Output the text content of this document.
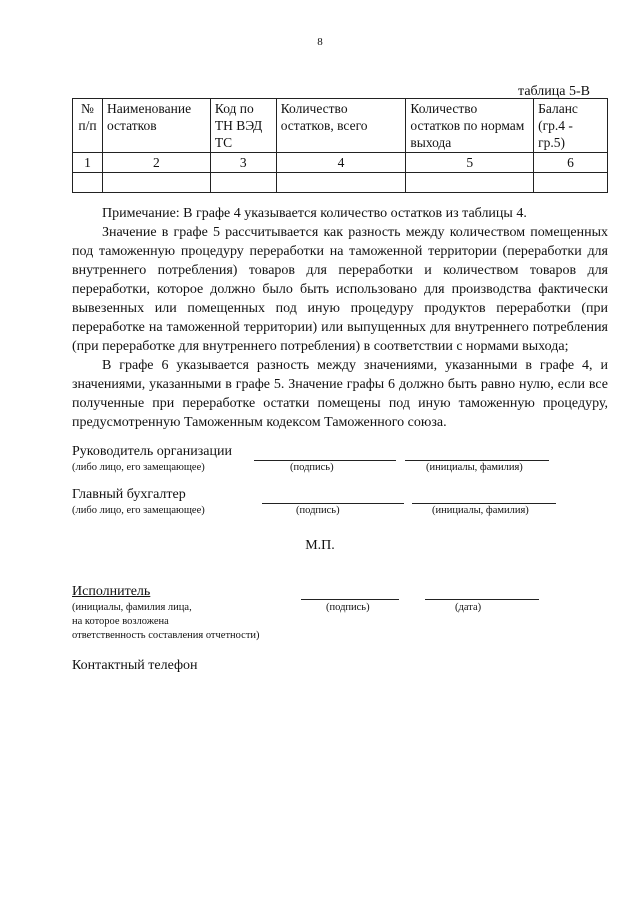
8
таблица 5-В
№ п/п	Наименование остатков	Код по ТН ВЭД ТС	Количество остатков, всего	Количество остатков по нормам выхода	Баланс (гр.4 - гр.5)
1	2	3	4	5	6

Примечание: В графе 4 указывается количество остатков из таблицы 4.
Значение в графе 5 рассчитывается как разность между количеством помещенных под таможенную процедуру переработки на таможенной территории (переработки для внутреннего потребления) товаров для переработки и количеством товаров для переработки, которое должно было быть использовано для производства фактически вывезенных или помещенных под иную процедуру продуктов переработки (при переработке на таможенной территории) или выпущенных для внутреннего потребления (при переработке для внутреннего потребления) в соответствии с нормами выхода;
В графе 6 указывается разность между значениями, указанными в графе 4, и значениями, указанными в графе 5. Значение графы 6 должно быть равно нулю, если все полученные при переработке остатки помещены под иную таможенную процедуру, предусмотренную Таможенным кодексом Таможенного союза.
Руководитель организации
(либо лицо, его замещающее)	(подпись)	(инициалы, фамилия)
Главный бухгалтер
(либо лицо, его замещающее)	(подпись)	(инициалы, фамилия)
М.П.
Исполнитель
(инициалы, фамилия лица,
на которое возложена
ответственность составления отчетности)
(подпись)	(дата)
Контактный телефон
